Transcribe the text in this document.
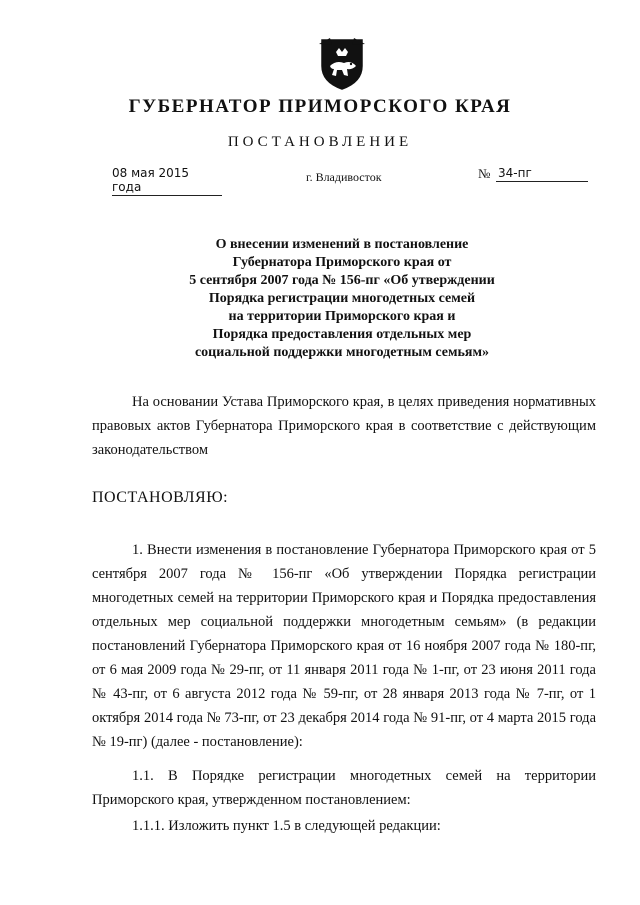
ГУБЕРНАТОР ПРИМОРСКОГО КРАЯ
ПОСТАНОВЛЕНИЕ
08 мая 2015 года
г. Владивосток	№ 34-пг
О внесении изменений в постановление
Губернатора Приморского края от
5 сентября 2007 года № 156-пг «Об утверждении
Порядка регистрации многодетных семей
на территории Приморского края и
Порядка предоставления отдельных мер
социальной поддержки многодетным семьям»
На основании Устава Приморского края, в целях приведения нормативных правовых актов Губернатора Приморского края в соответствие с действующим законодательством
ПОСТАНОВЛЯЮ:
1. Внести изменения в постановление Губернатора Приморского края от 5 сентября 2007 года № 156-пг «Об утверждении Порядка регистрации многодетных семей на территории Приморского края и Порядка предоставления отдельных мер социальной поддержки многодетным семьям» (в редакции постановлений Губернатора Приморского края от 16 ноября 2007 года № 180-пг, от 6 мая 2009 года № 29-пг, от 11 января 2011 года № 1-пг, от 23 июня 2011 года № 43-пг, от 6 августа 2012 года № 59-пг, от 28 января 2013 года № 7-пг, от 1 октября 2014 года № 73-пг, от 23 декабря 2014 года № 91-пг, от 4 марта 2015 года № 19-пг) (далее - постановление):
1.1. В Порядке регистрации многодетных семей на территории Приморского края, утвержденном постановлением:
1.1.1. Изложить пункт 1.5 в следующей редакции:
